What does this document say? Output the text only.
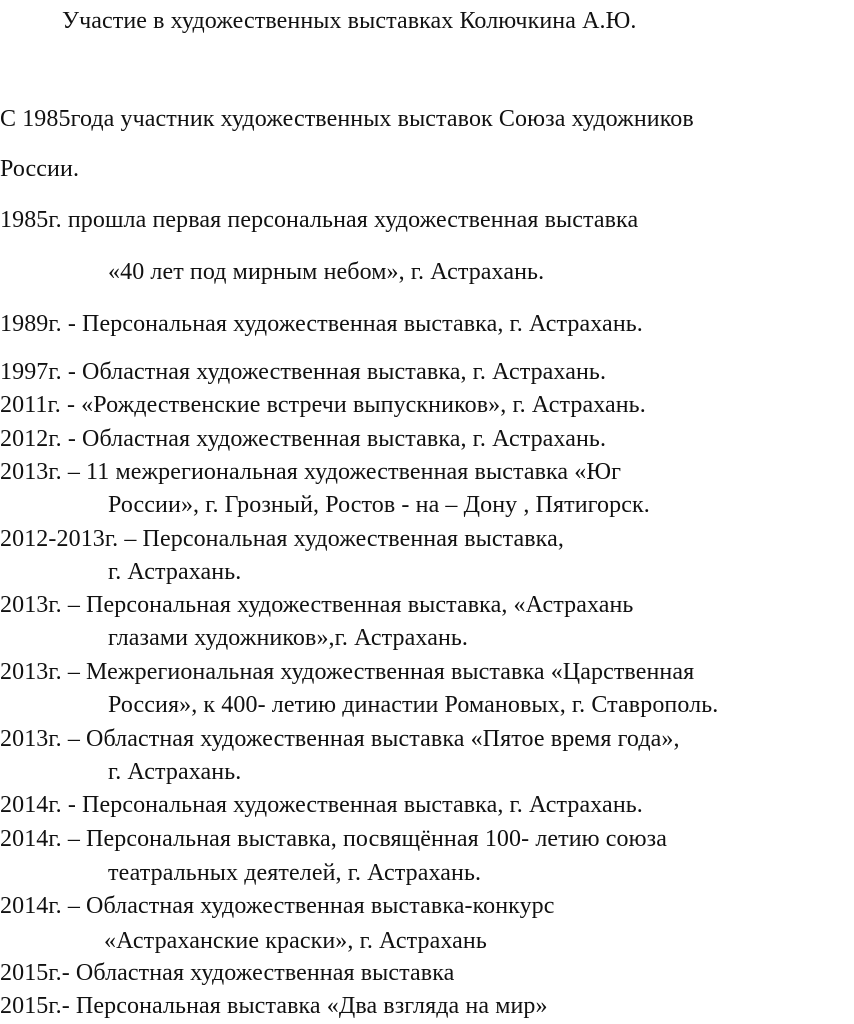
Участие в художественных выставках Колючкина А.Ю.
С 1985года участник художественных выставок Союза художников
России.
1985г. прошла первая персональная художественная выставка
«40 лет под мирным небом», г. Астрахань.
1989г. - Персональная художественная выставка, г. Астрахань.
1997г. - Областная художественная выставка, г. Астрахань.
2011г. - «Рождественские встречи выпускников», г. Астрахань.
2012г. - Областная художественная выставка, г. Астрахань.
2013г. – 11 межрегиональная художественная выставка «Юг
России», г. Грозный, Ростов - на – Дону , Пятигорск.
2012-2013г. – Персональная художественная выставка,
г. Астрахань.
2013г. – Персональная художественная выставка, «Астрахань
глазами художников»,г. Астрахань.
2013г. – Межрегиональная художественная выставка «Царственная
Россия», к 400- летию династии Романовых, г. Ставрополь.
2013г. – Областная художественная выставка «Пятое время года»,
г. Астрахань.
2014г. - Персональная художественная выставка, г. Астрахань.
2014г. – Персональная выставка, посвящённая 100- летию союза
театральных деятелей, г. Астрахань.
2014г. – Областная художественная выставка-конкурс
«Астраханские краски», г. Астрахань
2015г.- Областная художественная выставка
2015г.- Персональная выставка «Два взгляда на мир»
